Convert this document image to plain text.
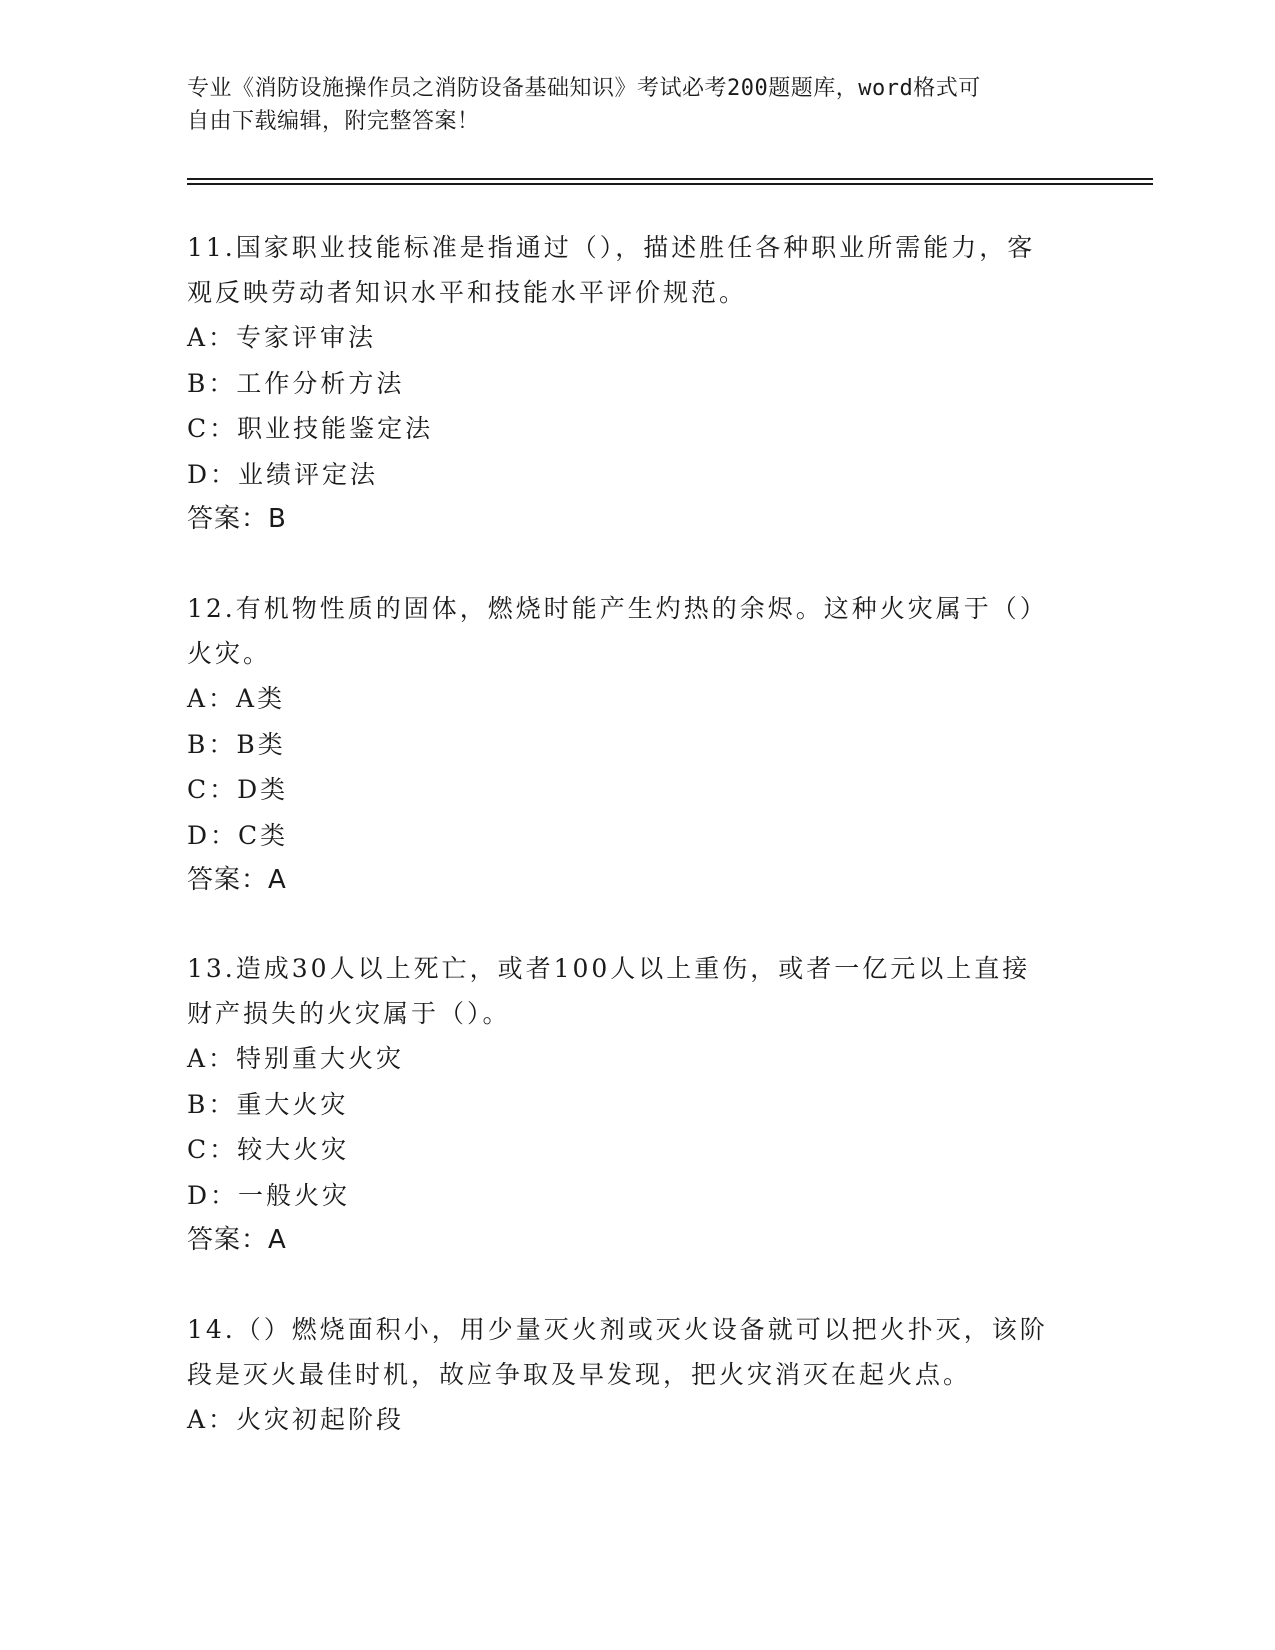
专业《消防设施操作员之消防设备基础知识》考试必考200题题库，word格式可
自由下载编辑，附完整答案！

11.国家职业技能标准是指通过（），描述胜任各种职业所需能力，客

观反映劳动者知识水平和技能水平评价规范。

A：专家评审法

B：工作分析方法

C：职业技能鉴定法

D：业绩评定法

答案：B

12.有机物性质的固体，燃烧时能产生灼热的余烬。这种火灾属于（）

火灾。

A：A类

B：B类

C：D类

D：C类

答案：A

13.造成30人以上死亡，或者100人以上重伤，或者一亿元以上直接

财产损失的火灾属于（）。

A：特别重大火灾

B：重大火灾

C：较大火灾

D：一般火灾

答案：A

14.（）燃烧面积小，用少量灭火剂或灭火设备就可以把火扑灭，该阶

段是灭火最佳时机，故应争取及早发现，把火灾消灭在起火点。

A：火灾初起阶段
